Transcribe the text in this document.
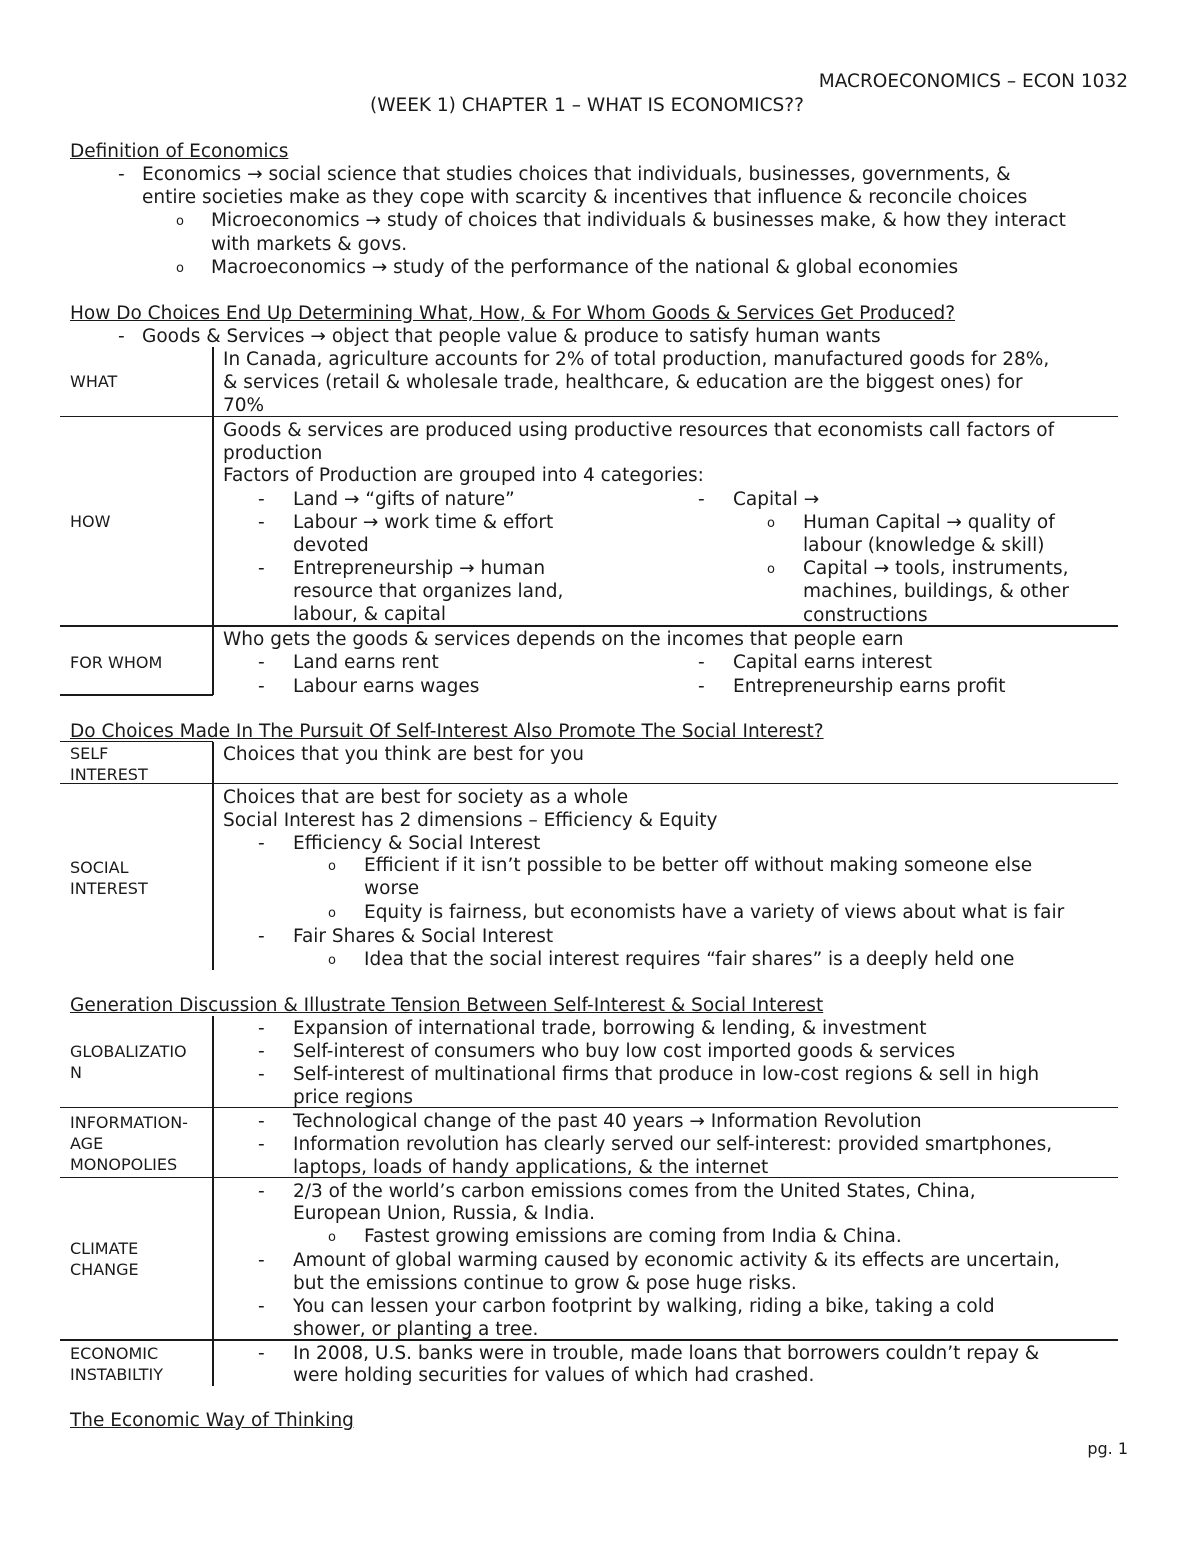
MACROECONOMICS – ECON 1032
(WEEK 1) CHAPTER 1 – WHAT IS ECONOMICS??
Definition of Economics
- Economics → social science that studies choices that individuals, businesses, governments, &
entire societies make as they cope with scarcity & incentives that influence & reconcile choices
o Microeconomics → study of choices that individuals & businesses make, & how they interact
with markets & govs.
o Macroeconomics → study of the performance of the national & global economies
How Do Choices End Up Determining What, How, & For Whom Goods & Services Get Produced?
- Goods & Services → object that people value & produce to satisfy human wants
WHAT
In Canada, agriculture accounts for 2% of total production, manufactured goods for 28%,
& services (retail & wholesale trade, healthcare, & education are the biggest ones) for
70%
HOW
Goods & services are produced using productive resources that economists call factors of
production
Factors of Production are grouped into 4 categories:
- Land → “gifts of nature”
- Labour → work time & effort
devoted
- Entrepreneurship → human
resource that organizes land,
labour, & capital
- Capital →
o Human Capital → quality of
labour (knowledge & skill)
o Capital → tools, instruments,
machines, buildings, & other
constructions
FOR WHOM
Who gets the goods & services depends on the incomes that people earn
- Land earns rent
- Labour earns wages
- Capital earns interest
- Entrepreneurship earns profit
Do Choices Made In The Pursuit Of Self-Interest Also Promote The Social Interest?
SELF
INTEREST
Choices that you think are best for you
SOCIAL
INTEREST
Choices that are best for society as a whole
Social Interest has 2 dimensions – Efficiency & Equity
- Efficiency & Social Interest
o Efficient if it isn’t possible to be better off without making someone else
worse
o Equity is fairness, but economists have a variety of views about what is fair
- Fair Shares & Social Interest
o Idea that the social interest requires “fair shares” is a deeply held one
Generation Discussion & Illustrate Tension Between Self-Interest & Social Interest
GLOBALIZATIO
N
- Expansion of international trade, borrowing & lending, & investment
- Self-interest of consumers who buy low cost imported goods & services
- Self-interest of multinational firms that produce in low-cost regions & sell in high
price regions
INFORMATION-
AGE
MONOPOLIES
- Technological change of the past 40 years → Information Revolution
- Information revolution has clearly served our self-interest: provided smartphones,
laptops, loads of handy applications, & the internet
CLIMATE
CHANGE
- 2/3 of the world’s carbon emissions comes from the United States, China,
European Union, Russia, & India.
o Fastest growing emissions are coming from India & China.
- Amount of global warming caused by economic activity & its effects are uncertain,
but the emissions continue to grow & pose huge risks.
- You can lessen your carbon footprint by walking, riding a bike, taking a cold
shower, or planting a tree.
ECONOMIC
INSTABILTIY
- In 2008, U.S. banks were in trouble, made loans that borrowers couldn’t repay &
were holding securities for values of which had crashed.
The Economic Way of Thinking
pg. 1
